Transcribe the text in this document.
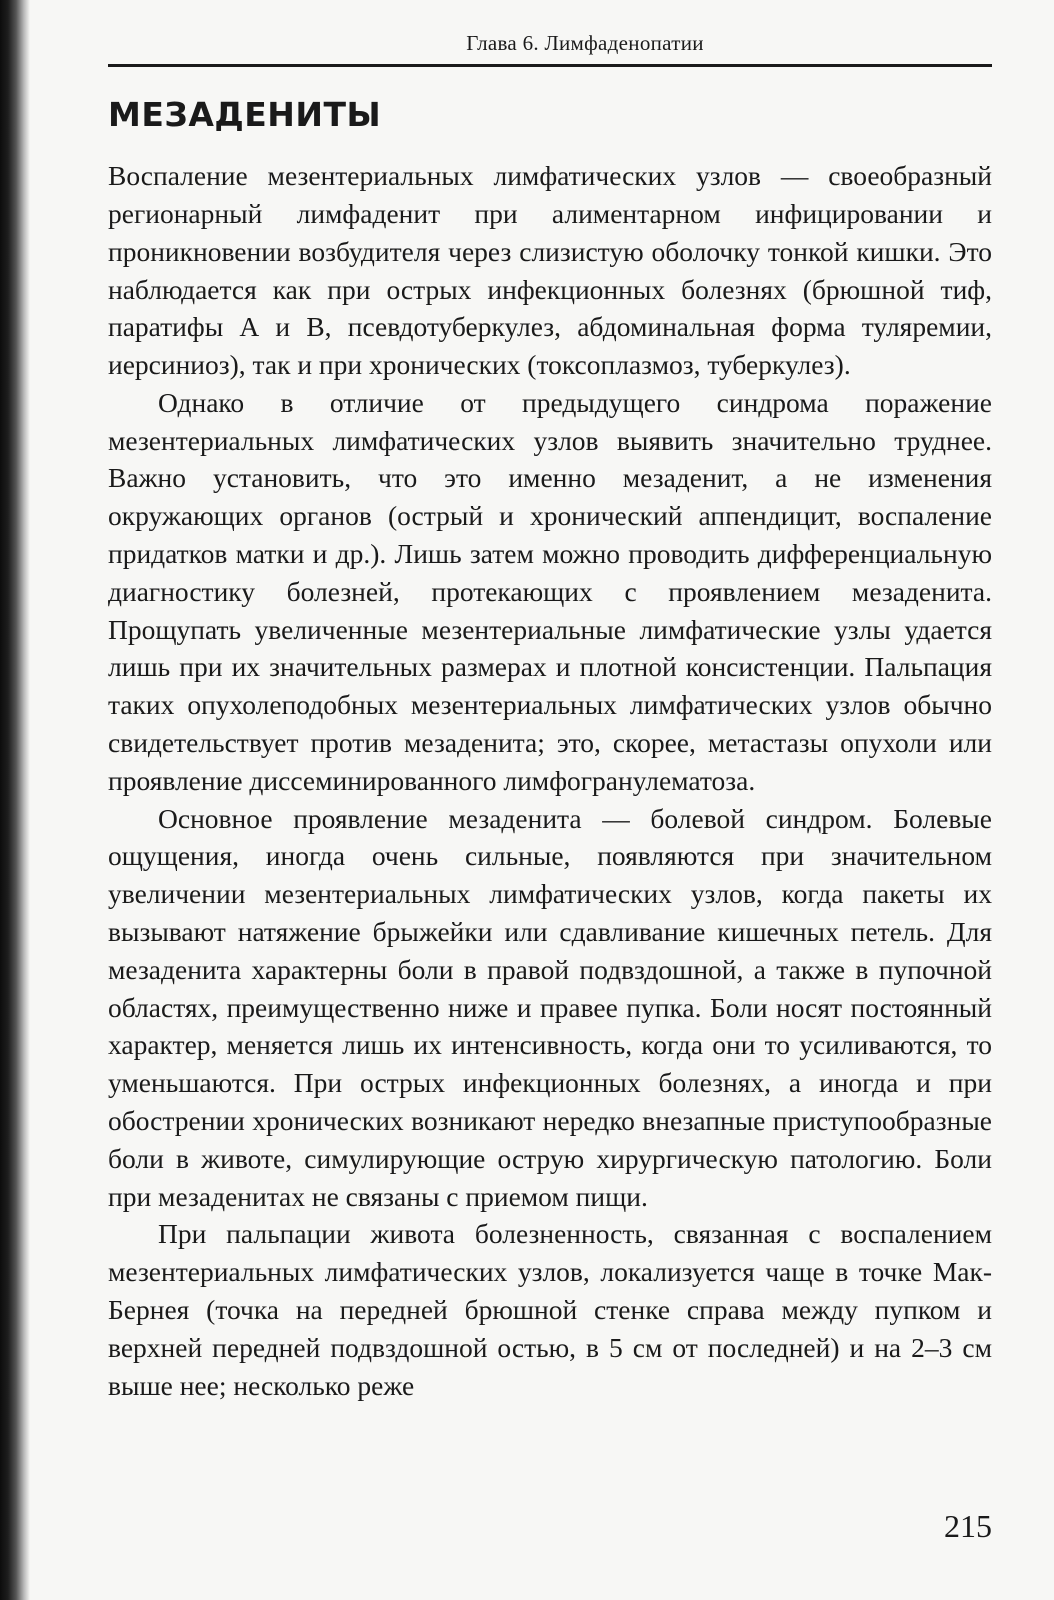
Глава 6. Лимфаденопатии
МЕЗАДЕНИТЫ

Воспаление мезентериальных лимфатических узлов — своеобразный регионарный лимфаденит при алиментарном инфицировании и проникновении возбудителя через слизистую оболочку тонкой кишки. Это наблюдается как при острых инфекционных болезнях (брюшной тиф, паратифы А и В, псевдотуберкулез, абдоминальная форма туляремии, иерсиниоз), так и при хронических (токсоплазмоз, туберкулез).

Однако в отличие от предыдущего синдрома поражение мезентериальных лимфатических узлов выявить значительно труднее. Важно установить, что это именно мезаденит, а не изменения окружающих органов (острый и хронический аппендицит, воспаление придатков матки и др.). Лишь затем можно проводить дифференциальную диагностику болезней, протекающих с проявлением мезаденита. Прощупать увеличенные мезентериальные лимфатические узлы удается лишь при их значительных размерах и плотной консистенции. Пальпация таких опухолеподобных мезентериальных лимфатических узлов обычно свидетельствует против мезаденита; это, скорее, метастазы опухоли или проявление диссеминированного лимфогранулематоза.

Основное проявление мезаденита — болевой синдром. Болевые ощущения, иногда очень сильные, появляются при значительном увеличении мезентериальных лимфатических узлов, когда пакеты их вызывают натяжение брыжейки или сдавливание кишечных петель. Для мезаденита характерны боли в правой подвздошной, а также в пупочной областях, преимущественно ниже и правее пупка. Боли носят постоянный характер, меняется лишь их интенсивность, когда они то усиливаются, то уменьшаются. При острых инфекционных болезнях, а иногда и при обострении хронических возникают нередко внезапные приступообразные боли в животе, симулирующие острую хирургическую патологию. Боли при мезаденитах не связаны с приемом пищи.

При пальпации живота болезненность, связанная с воспалением мезентериальных лимфатических узлов, локализуется чаще в точке Мак-Бернея (точка на передней брюшной стенке справа между пупком и верхней передней подвздошной остью, в 5 см от последней) и на 2–3 см выше нее; несколько реже

215
